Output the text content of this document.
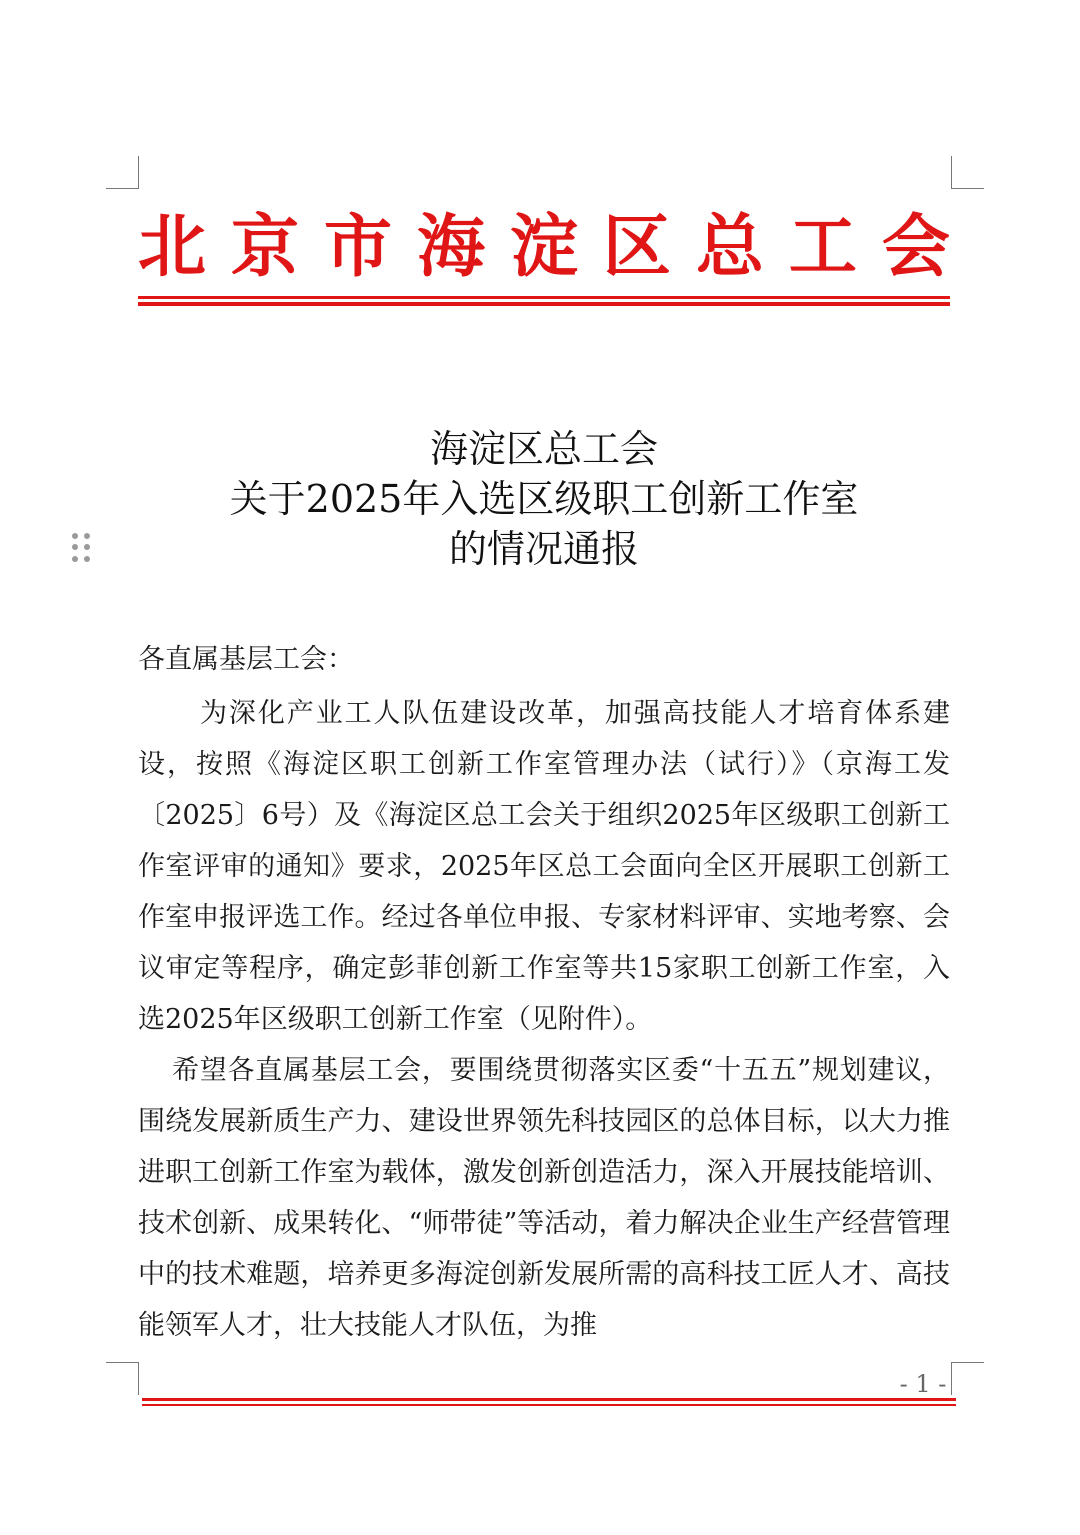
北 京 市 海 淀 区 总 工 会
海淀区总工会
关于2025年入选区级职工创新工作室
的情况通报
各直属基层工会：

为深化产业工人队伍建设改革，加强高技能人才培育体系建设，按照《海淀区职工创新工作室管理办法（试行）》（京海工发〔2025〕6号）及《海淀区总工会关于组织2025年区级职工创新工作室评审的通知》要求，2025年区总工会面向全区开展职工创新工作室申报评选工作。经过各单位申报、专家材料评审、实地考察、会议审定等程序，确定彭菲创新工作室等共15家职工创新工作室，入选2025年区级职工创新工作室（见附件）。

希望各直属基层工会，要围绕贯彻落实区委“十五五”规划建议，围绕发展新质生产力、建设世界领先科技园区的总体目标，以大力推进职工创新工作室为载体，激发创新创造活力，深入开展技能培训、技术创新、成果转化、“师带徒”等活动，着力解决企业生产经营管理中的技术难题，培养更多海淀创新发展所需的高科技工匠人才、高技能领军人才，壮大技能人才队伍，为推

- 1 -
